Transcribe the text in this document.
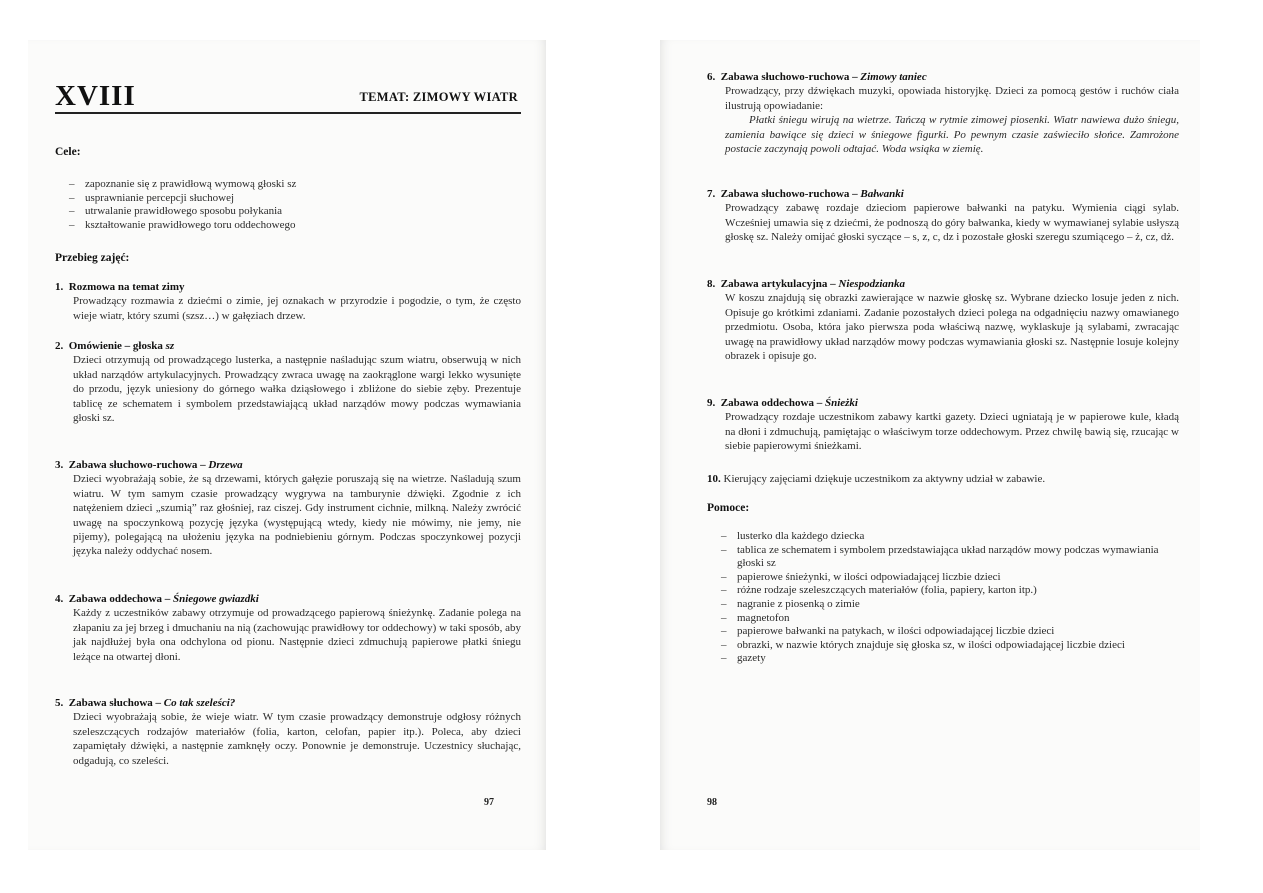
XVIII	TEMAT: ZIMOWY WIATR
Cele:
– zapoznanie się z prawidłową wymową głoski sz
– usprawnianie percepcji słuchowej
– utrwalanie prawidłowego sposobu połykania
– kształtowanie prawidłowego toru oddechowego
Przebieg zajęć:
1. Rozmowa na temat zimy
Prowadzący rozmawia z dziećmi o zimie, jej oznakach w przyrodzie i pogodzie, o tym, że często wieje wiatr, który szumi (szsz…) w gałęziach drzew.
2. Omówienie – głoska sz
Dzieci otrzymują od prowadzącego lusterka, a następnie naśladując szum wiatru, obserwują w nich układ narządów artykulacyjnych. Prowadzący zwraca uwagę na zaokrąglone wargi lekko wysunięte do przodu, język uniesiony do górnego wałka dziąsłowego i zbliżone do siebie zęby. Prezentuje tablicę ze schematem i symbolem przedstawiającą układ narządów mowy podczas wymawiania głoski sz.
3. Zabawa słuchowo-ruchowa – Drzewa
Dzieci wyobrażają sobie, że są drzewami, których gałęzie poruszają się na wietrze. Naśladują szum wiatru. W tym samym czasie prowadzący wygrywa na tamburynie dźwięki. Zgodnie z ich natężeniem dzieci „szumią” raz głośniej, raz ciszej. Gdy instrument cichnie, milkną. Należy zwrócić uwagę na spoczynkową pozycję języka (występującą wtedy, kiedy nie mówimy, nie jemy, nie pijemy), polegającą na ułożeniu języka na podniebieniu górnym. Podczas spoczynkowej pozycji języka należy oddychać nosem.
4. Zabawa oddechowa – Śniegowe gwiazdki
Każdy z uczestników zabawy otrzymuje od prowadzącego papierową śnieżynkę. Zadanie polega na złapaniu za jej brzeg i dmuchaniu na nią (zachowując prawidłowy tor oddechowy) w taki sposób, aby jak najdłużej była ona odchylona od pionu. Następnie dzieci zdmuchują papierowe płatki śniegu leżące na otwartej dłoni.
5. Zabawa słuchowa – Co tak szeleści?
Dzieci wyobrażają sobie, że wieje wiatr. W tym czasie prowadzący demonstruje odgłosy różnych szeleszczących rodzajów materiałów (folia, karton, celofan, papier itp.). Poleca, aby dzieci zapamiętały dźwięki, a następnie zamknęły oczy. Ponownie je demonstruje. Uczestnicy słuchając, odgadują, co szeleści.
97
6. Zabawa słuchowo-ruchowa – Zimowy taniec
Prowadzący, przy dźwiękach muzyki, opowiada historyjkę. Dzieci za pomocą gestów i ruchów ciała ilustrują opowiadanie:
Płatki śniegu wirują na wietrze. Tańczą w rytmie zimowej piosenki. Wiatr nawiewa dużo śniegu, zamienia bawiące się dzieci w śniegowe figurki. Po pewnym czasie zaświeciło słońce. Zamrożone postacie zaczynają powoli odtajać. Woda wsiąka w ziemię.
7. Zabawa słuchowo-ruchowa – Bałwanki
Prowadzący zabawę rozdaje dzieciom papierowe bałwanki na patyku. Wymienia ciągi sylab. Wcześniej umawia się z dziećmi, że podnoszą do góry bałwanka, kiedy w wymawianej sylabie usłyszą głoskę sz. Należy omijać głoski syczące – s, z, c, dz i pozostałe głoski szeregu szumiącego – ż, cz, dż.
8. Zabawa artykulacyjna – Niespodzianka
W koszu znajdują się obrazki zawierające w nazwie głoskę sz. Wybrane dziecko losuje jeden z nich. Opisuje go krótkimi zdaniami. Zadanie pozostałych dzieci polega na odgadnięciu nazwy omawianego przedmiotu. Osoba, która jako pierwsza poda właściwą nazwę, wyklaskuje ją sylabami, zwracając uwagę na prawidłowy układ narządów mowy podczas wymawiania głoski sz. Następnie losuje kolejny obrazek i opisuje go.
9. Zabawa oddechowa – Śnieżki
Prowadzący rozdaje uczestnikom zabawy kartki gazety. Dzieci ugniatają je w papierowe kule, kładą na dłoni i zdmuchują, pamiętając o właściwym torze oddechowym. Przez chwilę bawią się, rzucając w siebie papierowymi śnieżkami.
10. Kierujący zajęciami dziękuje uczestnikom za aktywny udział w zabawie.
Pomoce:
– lusterko dla każdego dziecka
– tablica ze schematem i symbolem przedstawiająca układ narządów mowy podczas wymawiania głoski sz
– papierowe śnieżynki, w ilości odpowiadającej liczbie dzieci
– różne rodzaje szeleszczących materiałów (folia, papiery, karton itp.)
– nagranie z piosenką o zimie
– magnetofon
– papierowe bałwanki na patykach, w ilości odpowiadającej liczbie dzieci
– obrazki, w nazwie których znajduje się głoska sz, w ilości odpowiadającej liczbie dzieci
– gazety
98
